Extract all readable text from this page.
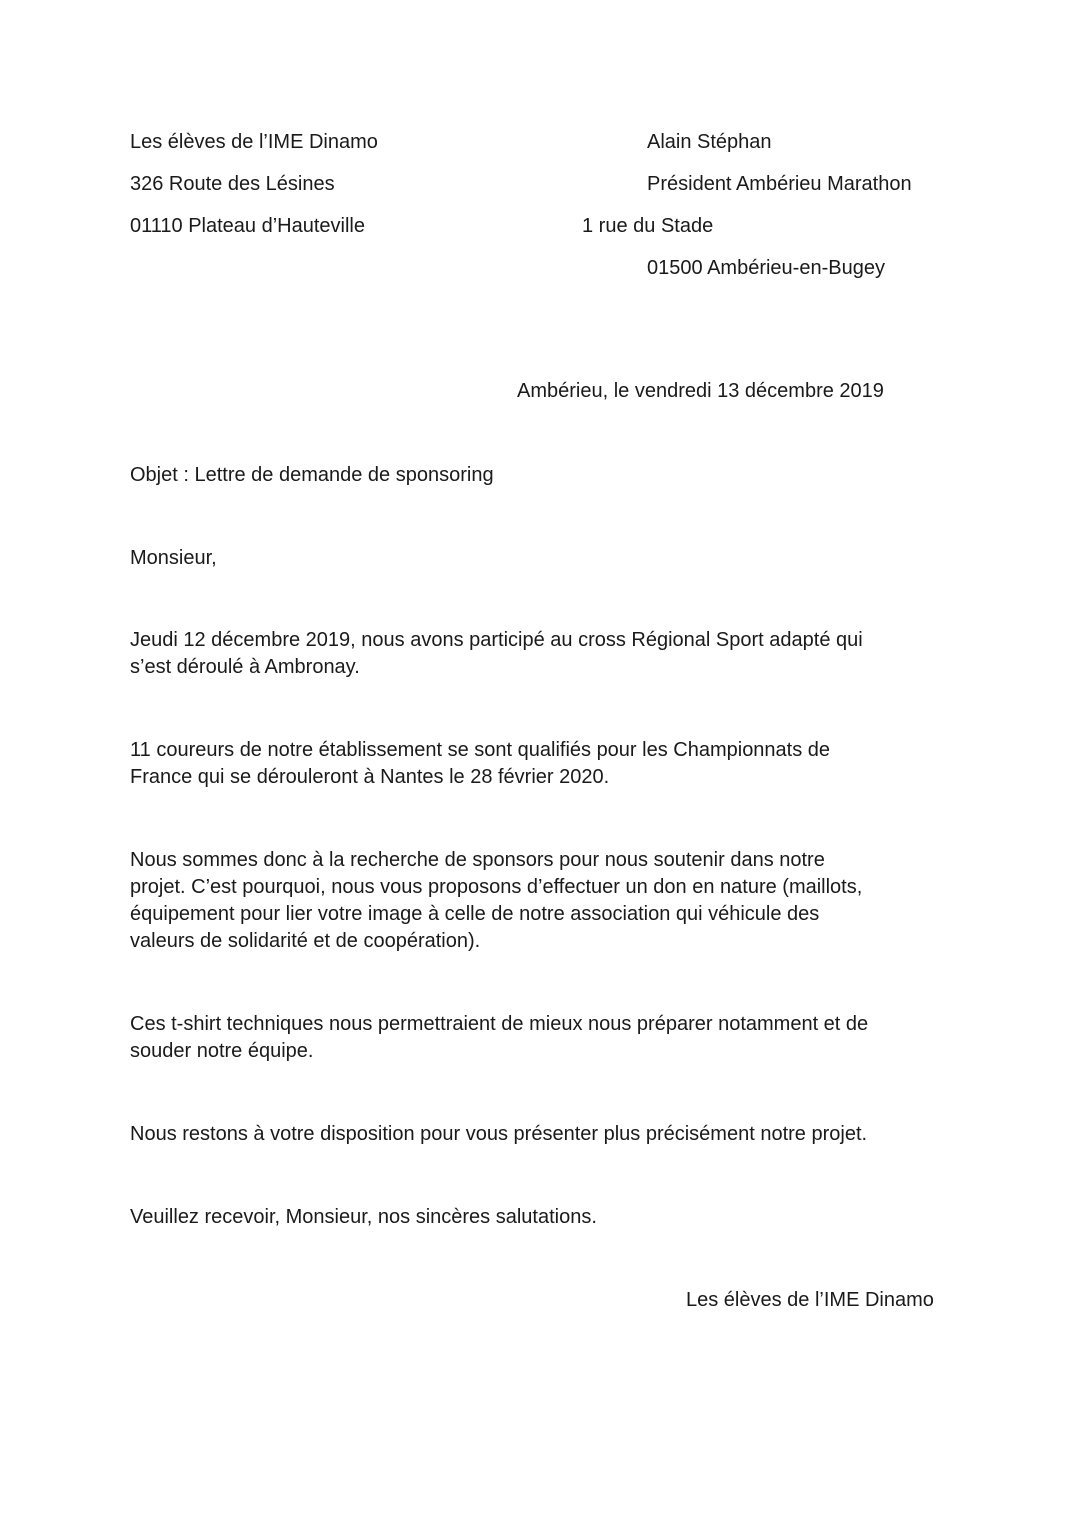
Les élèves de l’IME Dinamo
326 Route des Lésines
01110 Plateau d’Hauteville
Alain Stéphan
Président Ambérieu Marathon
1 rue du Stade
01500 Ambérieu-en-Bugey
Ambérieu, le vendredi 13 décembre 2019
Objet : Lettre de demande de sponsoring
Monsieur,
Jeudi 12 décembre 2019, nous avons participé au cross Régional Sport adapté qui
s’est déroulé à Ambronay.
11 coureurs de notre établissement se sont qualifiés pour les Championnats de
France qui se dérouleront à Nantes le 28 février 2020.
Nous sommes donc à la recherche de sponsors pour nous soutenir dans notre
projet. C’est pourquoi, nous vous proposons d’effectuer un don en nature (maillots,
équipement pour lier votre image à celle de notre association qui véhicule des
valeurs de solidarité et de coopération).
Ces t-shirt techniques nous permettraient de mieux nous préparer notamment et de
souder notre équipe.
Nous restons à votre disposition pour vous présenter plus précisément notre projet.
Veuillez recevoir, Monsieur, nos sincères salutations.
Les élèves de l’IME Dinamo
